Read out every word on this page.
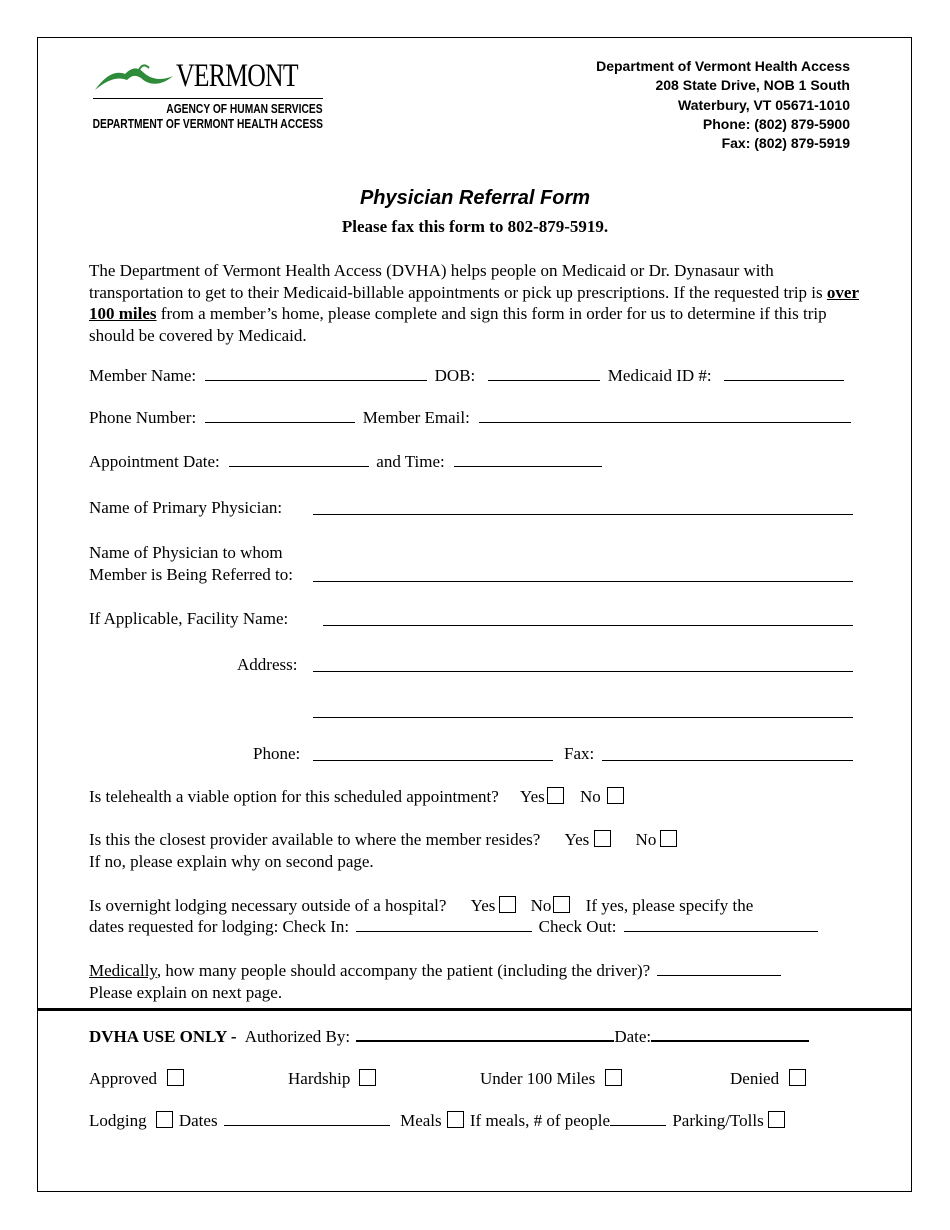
VERMONT
AGENCY OF HUMAN SERVICES
DEPARTMENT OF VERMONT HEALTH ACCESS
Department of Vermont Health Access
208 State Drive, NOB 1 South
Waterbury, VT 05671-1010
Phone: (802) 879-5900
Fax: (802) 879-5919
Physician Referral Form
Please fax this form to 802-879-5919.
The Department of Vermont Health Access (DVHA) helps people on Medicaid or Dr. Dynasaur with transportation to get to their Medicaid-billable appointments or pick up prescriptions. If the requested trip is over 100 miles from a member’s home, please complete and sign this form in order for us to determine if this trip should be covered by Medicaid.
Member Name:	DOB:	Medicaid ID #:
Phone Number:	Member Email:
Appointment Date:	and Time:
Name of Primary Physician:
Name of Physician to whom
Member is Being Referred to:
If Applicable, Facility Name:
Address:
Phone:	Fax:
Is telehealth a viable option for this scheduled appointment? Yes No
Is this the closest provider available to where the member resides? Yes	No
If no, please explain why on second page.
Is overnight lodging necessary outside of a hospital? Yes No If yes, please specify the
dates requested for lodging: Check In:	Check Out:
Medically, how many people should accompany the patient (including the driver)?
Please explain on next page.
DVHA USE ONLY - Authorized By:	Date:
Approved	Hardship	Under 100 Miles	Denied
Lodging Dates	Meals If meals, # of people	Parking/Tolls
